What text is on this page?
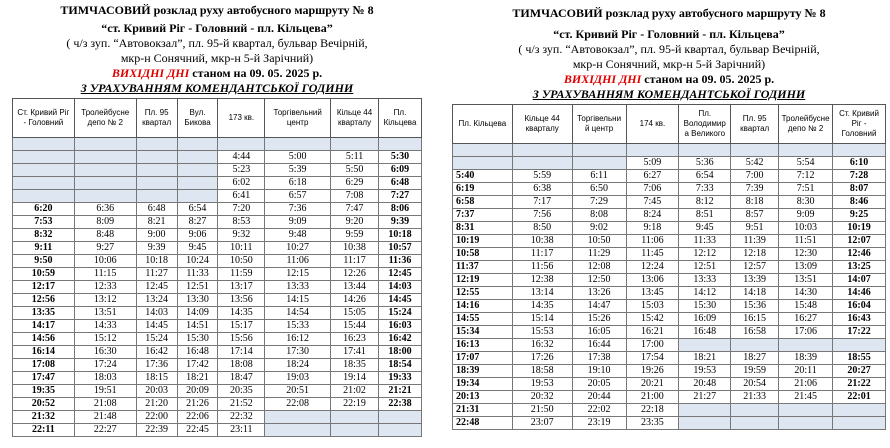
ТИМЧАСОВИЙ розклад руху автобусного маршруту № 8
“ст. Кривий Ріг - Головний - пл. Кільцева”
( ч/з зуп. “Автовокзал”, пл. 95-й квартал, бульвар Вечірній,
мкр-н Сонячний, мкр-н 5-й Зарічний)
ВИХІДНІ ДНІ станом на 09. 05. 2025 р.
З УРАХУВАННЯМ КОМЕНДАНТСЬКОЇ ГОДИНИ
Ст. Кривий Ріг - Головний	Тролейбусне депо № 2	Пл. 95 квартал	Вул. Бикова	173 кв.	Торгівельний центр	Кільце 44 кварталу	Пл. Кільцева

				4:44	5:00	5:11	5:30
				5:23	5:39	5:50	6:09
				6:02	6:18	6:29	6:48
				6:41	6:57	7:08	7:27
6:20	6:36	6:48	6:54	7:20	7:36	7:47	8:06
7:53	8:09	8:21	8:27	8:53	9:09	9:20	9:39
8:32	8:48	9:00	9:06	9:32	9:48	9:59	10:18
9:11	9:27	9:39	9:45	10:11	10:27	10:38	10:57
9:50	10:06	10:18	10:24	10:50	11:06	11:17	11:36
10:59	11:15	11:27	11:33	11:59	12:15	12:26	12:45
12:17	12:33	12:45	12:51	13:17	13:33	13:44	14:03
12:56	13:12	13:24	13:30	13:56	14:15	14:26	14:45
13:35	13:51	14:03	14:09	14:35	14:54	15:05	15:24
14:17	14:33	14:45	14:51	15:17	15:33	15:44	16:03
14:56	15:12	15:24	15:30	15:56	16:12	16:23	16:42
16:14	16:30	16:42	16:48	17:14	17:30	17:41	18:00
17:08	17:24	17:36	17:42	18:08	18:24	18:35	18:54
17:47	18:03	18:15	18:21	18:47	19:03	19:14	19:33
19:35	19:51	20:03	20:09	20:35	20:51	21:02	21:21
20:52	21:08	21:20	21:26	21:52	22:08	22:19	22:38
21:32	21:48	22:00	22:06	22:32			
22:11	22:27	22:39	22:45	23:11			
ТИМЧАСОВИЙ розклад руху автобусного маршруту № 8
“ст. Кривий Ріг - Головний - пл. Кільцева”
( ч/з зуп. “Автовокзал”, пл. 95-й квартал, бульвар Вечірній,
мкр-н Сонячний, мкр-н 5-й Зарічний)
ВИХІДНІ ДНІ станом на 09. 05. 2025 р.
З УРАХУВАННЯМ КОМЕНДАНТСЬКОЇ ГОДИНИ
Пл. Кільцева	Кільце 44 кварталу	Торгівельни й центр	174 кв.	Пл. Володимир а Великого	Пл. 95 квартал	Тролейбусне депо № 2	Ст. Кривий Ріг - Головний

			5:09	5:36	5:42	5:54	6:10
5:40	5:59	6:11	6:27	6:54	7:00	7:12	7:28
6:19	6:38	6:50	7:06	7:33	7:39	7:51	8:07
6:58	7:17	7:29	7:45	8:12	8:18	8:30	8:46
7:37	7:56	8:08	8:24	8:51	8:57	9:09	9:25
8:31	8:50	9:02	9:18	9:45	9:51	10:03	10:19
10:19	10:38	10:50	11:06	11:33	11:39	11:51	12:07
10:58	11:17	11:29	11:45	12:12	12:18	12:30	12:46
11:37	11:56	12:08	12:24	12:51	12:57	13:09	13:25
12:19	12:38	12:50	13:06	13:33	13:39	13:51	14:07
12:55	13:14	13:26	13:45	14:12	14:18	14:30	14:46
14:16	14:35	14:47	15:03	15:30	15:36	15:48	16:04
14:55	15:14	15:26	15:42	16:09	16:15	16:27	16:43
15:34	15:53	16:05	16:21	16:48	16:58	17:06	17:22
16:13	16:32	16:44	17:00				
17:07	17:26	17:38	17:54	18:21	18:27	18:39	18:55
18:39	18:58	19:10	19:26	19:53	19:59	20:11	20:27
19:34	19:53	20:05	20:21	20:48	20:54	21:06	21:22
20:13	20:32	20:44	21:00	21:27	21:33	21:45	22:01
21:31	21:50	22:02	22:18				
22:48	23:07	23:19	23:35				
